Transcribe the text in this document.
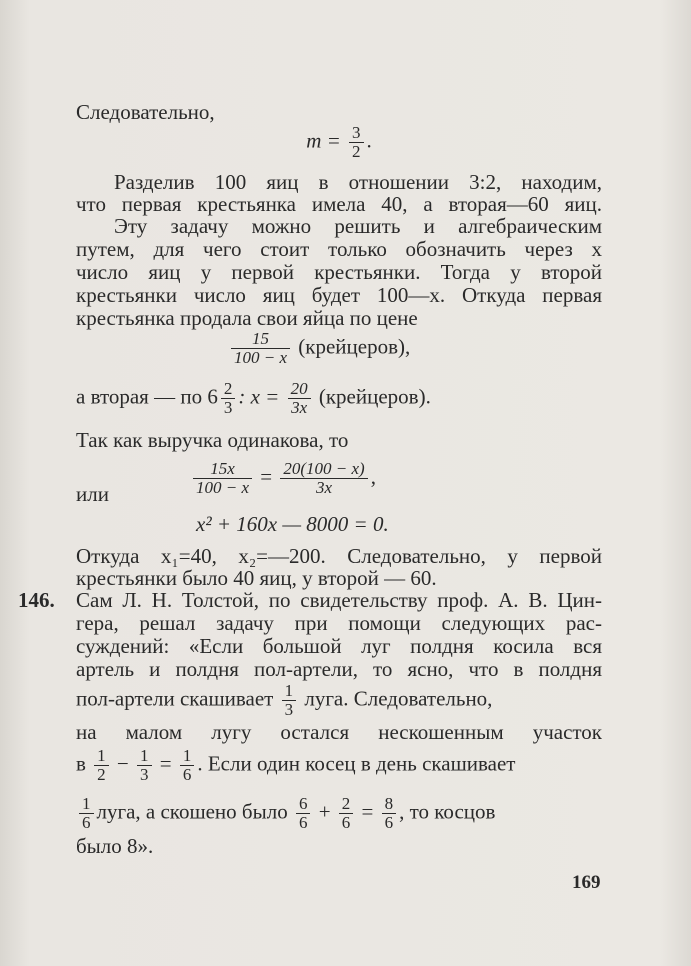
Следовательно,
$m = \frac{3}{2}$ .
Разделив 100 яиц в отношении 3:2, находим,
что первая крестьянка имела 40, а вторая—60 яиц.
Эту задачу можно решить и алгебраическим
путем, для чего стоит только обозначить через x
число яиц у первой крестьянки. Тогда у второй
крестьянки число яиц будет 100—x. Откуда первая
крестьянка продала свои яйца по цене
$\frac{15}{100 - x}$ (крейцеров),
а вторая — по $6 \frac{2}{3}$ : $x = \frac{20}{3x}$ (крейцеров).
Так как выручка одинакова, то
$\frac{15x}{100 - x} = \frac{20(100 - x)}{3x}$ ,
или
x² + 160x — 8000 = 0.
Откуда x₁=40, x₂=—200. Следовательно, у первой
крестьянки было 40 яиц, у второй — 60.
146. Сам Л. Н. Толстой, по свидетельству проф. А. В. Цин-
гера, решал задачу при помощи следующих рас-
суждений: «Если большой луг полдня косила вся
артель и полдня пол-артели, то ясно, что в полдня
пол-артели скашивает $\frac{1}{3}$ луга. Следовательно,
на малом лугу остался нескошенным участок
в $\frac{1}{2} - \frac{1}{3} = \frac{1}{6}$ . Если один косец в день скашивает
$\frac{1}{6}$ луга, а скошено было $\frac{6}{6} + \frac{2}{6} = \frac{8}{6}$ , то косцов
было 8».
169
